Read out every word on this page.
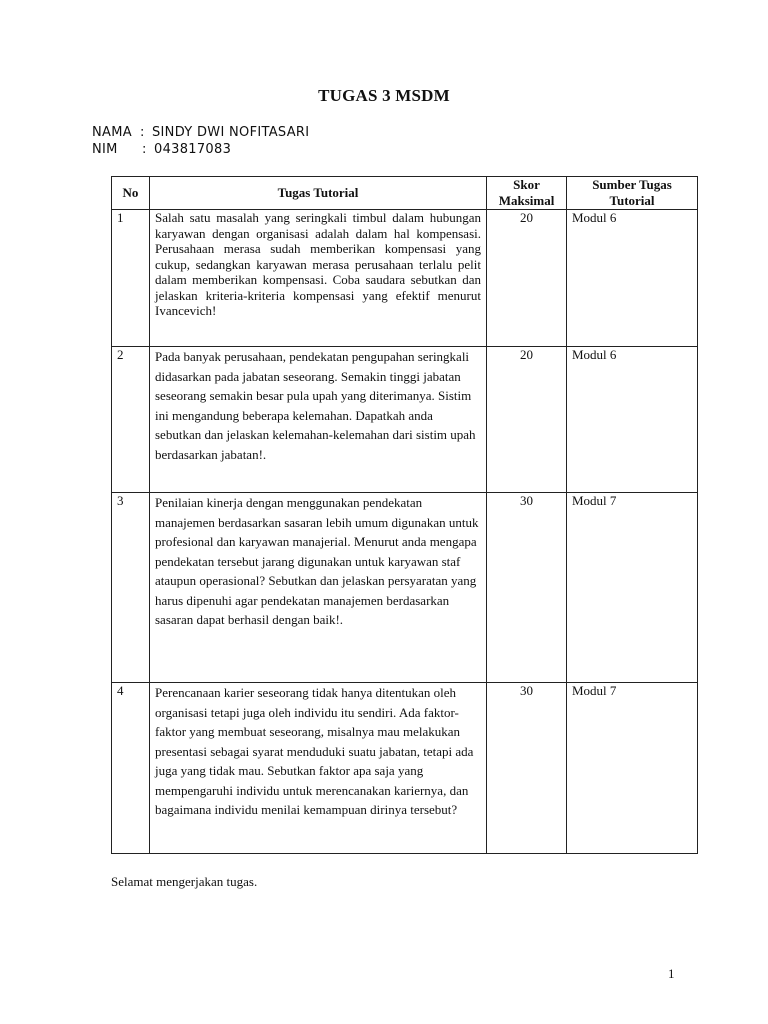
TUGAS 3 MSDM
NAMA : SINDY DWI NOFITASARI
NIM	: 043817083
No	Tugas Tutorial	Skor Maksimal	Sumber Tugas Tutorial
1	Salah satu masalah yang seringkali timbul dalam hubungan karyawan dengan organisasi adalah dalam hal kompensasi. Perusahaan merasa sudah memberikan kompensasi yang cukup, sedangkan karyawan merasa perusahaan terlalu pelit dalam memberikan kompensasi. Coba saudara sebutkan dan jelaskan kriteria-kriteria kompensasi yang efektif menurut Ivancevich!	20	Modul 6
2	Pada banyak perusahaan, pendekatan pengupahan seringkali didasarkan pada jabatan seseorang. Semakin tinggi jabatan seseorang semakin besar pula upah yang diterimanya. Sistim ini mengandung beberapa kelemahan. Dapatkah anda sebutkan dan jelaskan kelemahan-kelemahan dari sistim upah berdasarkan jabatan!.	20	Modul 6
3	Penilaian kinerja dengan menggunakan pendekatan manajemen berdasarkan sasaran lebih umum digunakan untuk profesional dan karyawan manajerial. Menurut anda mengapa pendekatan tersebut jarang digunakan untuk karyawan staf ataupun operasional? Sebutkan dan jelaskan persyaratan yang harus dipenuhi agar pendekatan manajemen berdasarkan sasaran dapat berhasil dengan baik!.	30	Modul 7
4	Perencanaan karier seseorang tidak hanya ditentukan oleh organisasi tetapi juga oleh individu itu sendiri. Ada faktor-faktor yang membuat seseorang, misalnya mau melakukan presentasi sebagai syarat menduduki suatu jabatan, tetapi ada juga yang tidak mau. Sebutkan faktor apa saja yang mempengaruhi individu untuk merencanakan kariernya, dan bagaimana individu menilai kemampuan dirinya tersebut?	30	Modul 7
Selamat mengerjakan tugas.
1
